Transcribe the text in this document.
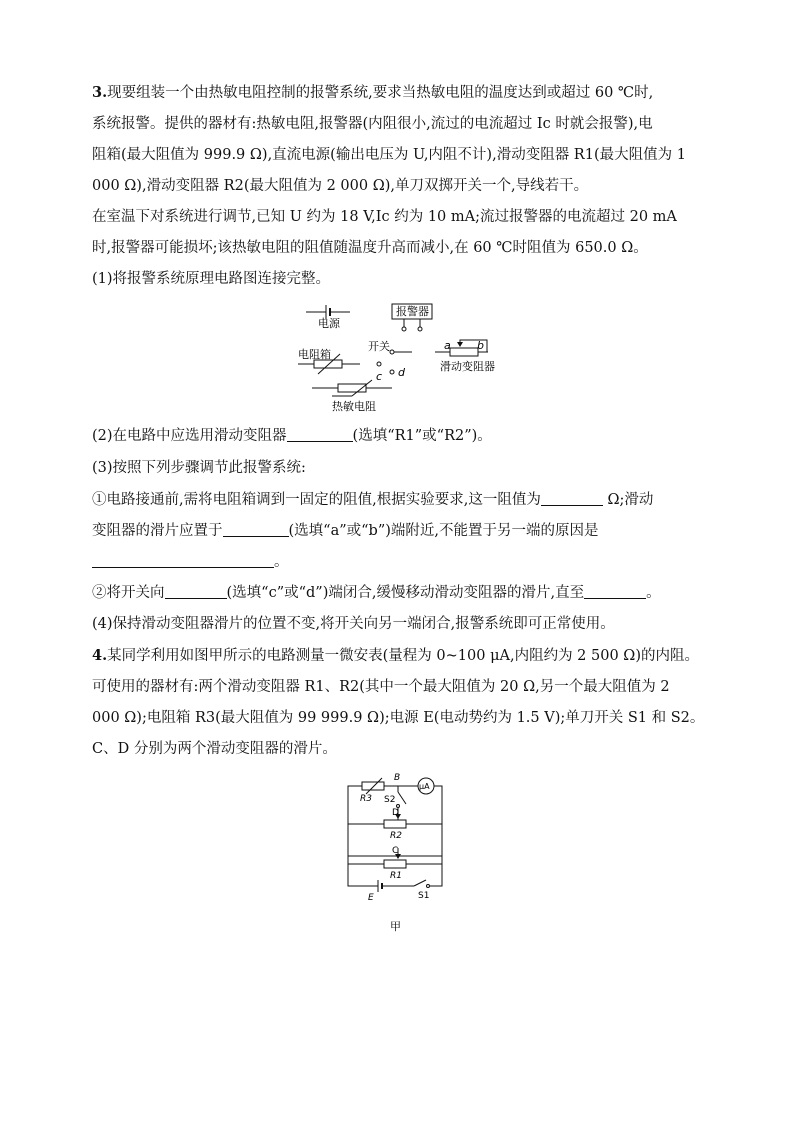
3.现要组装一个由热敏电阻控制的报警系统,要求当热敏电阻的温度达到或超过 60 ℃时,
系统报警。提供的器材有:热敏电阻,报警器(内阻很小,流过的电流超过 Ic 时就会报警),电
阻箱(最大阻值为 999.9 Ω),直流电源(输出电压为 U,内阻不计),滑动变阻器 R1(最大阻值为 1
000 Ω),滑动变阻器 R2(最大阻值为 2 000 Ω),单刀双掷开关一个,导线若干。
在室温下对系统进行调节,已知 U 约为 18 V,Ic 约为 10 mA;流过报警器的电流超过 20 mA
时,报警器可能损坏;该热敏电阻的阻值随温度升高而减小,在 60 ℃时阻值为 650.0 Ω。
(1)将报警系统原理电路图连接完整。
电源
报警器
开关
c d
a b
滑动变阻器
电阻箱
热敏电阻
(2)在电路中应选用滑动变阻器	(选填“R1”或“R2”)。
(3)按照下列步骤调节此报警系统:
①电路接通前,需将电阻箱调到一固定的阻值,根据实验要求,这一阻值为	Ω;滑动
变阻器的滑片应置于	(选填“a”或“b”)端附近,不能置于另一端的原因是
。
②将开关向	(选填“c”或“d”)端闭合,缓慢移动滑动变阻器的滑片,直至	。
(4)保持滑动变阻器滑片的位置不变,将开关向另一端闭合,报警系统即可正常使用。
4.某同学利用如图甲所示的电路测量一微安表(量程为 0~100 μA,内阻约为 2 500 Ω)的内阻。
可使用的器材有:两个滑动变阻器 R1、R2(其中一个最大阻值为 20 Ω,另一个最大阻值为 2
000 Ω);电阻箱 R3(最大阻值为 99 999.9 Ω);电源 E(电动势约为 1.5 V);单刀开关 S1 和 S2。
C、D 分别为两个滑动变阻器的滑片。
R3
B
μA
S2
D
R2
C
R1
E	S1
甲
